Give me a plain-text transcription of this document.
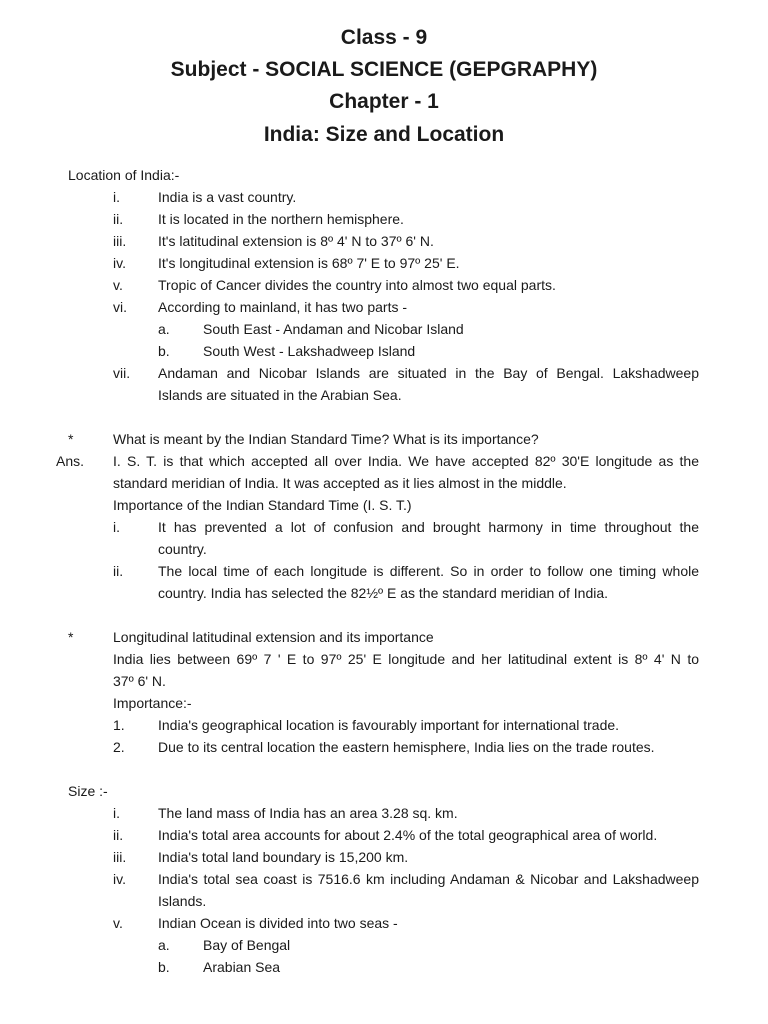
Class - 9
Subject - SOCIAL SCIENCE (GEPGRAPHY)
Chapter - 1
India: Size and Location
Location of India:-
i.	India is a vast country.
ii. It is located in the northern hemisphere.
iii. It's latitudinal extension is 8º 4' N to 37º 6' N.
iv. It's longitudinal extension is 68º 7' E to 97º 25' E.
v.	Tropic of Cancer divides the country into almost two equal parts.
vi. According to mainland, it has two parts -
a. South East - Andaman and Nicobar Island
b. South West - Lakshadweep Island
vii. Andaman and Nicobar Islands are situated in the Bay of Bengal. Lakshadweep
Islands are situated in the Arabian Sea.
*	What is meant by the Indian Standard Time? What is its importance?
Ans. I. S. T. is that which accepted all over India. We have accepted 82º 30'E longitude as the
standard meridian of India. It was accepted as it lies almost in the middle.
Importance of the Indian Standard Time (I. S. T.)
i.	It has prevented a lot of confusion and brought harmony in time throughout the
country.
ii. The local time of each longitude is different. So in order to follow one timing whole
country. India has selected the 82½º E as the standard meridian of India.
*	Longitudinal latitudinal extension and its importance
India lies between 69º 7 ' E to 97º 25' E longitude and her latitudinal extent is 8º 4' N to
37º 6' N.
Importance:-
1. India's geographical location is favourably important for international trade.
2. Due to its central location the eastern hemisphere, India lies on the trade routes.
Size :-
i.	The land mass of India has an area 3.28 sq. km.
ii. India's total area accounts for about 2.4% of the total geographical area of world.
iii. India's total land boundary is 15,200 km.
iv. India's total sea coast is 7516.6 km including Andaman & Nicobar and Lakshadweep
Islands.
v.	Indian Ocean is divided into two seas -
a. Bay of Bengal
b. Arabian Sea
